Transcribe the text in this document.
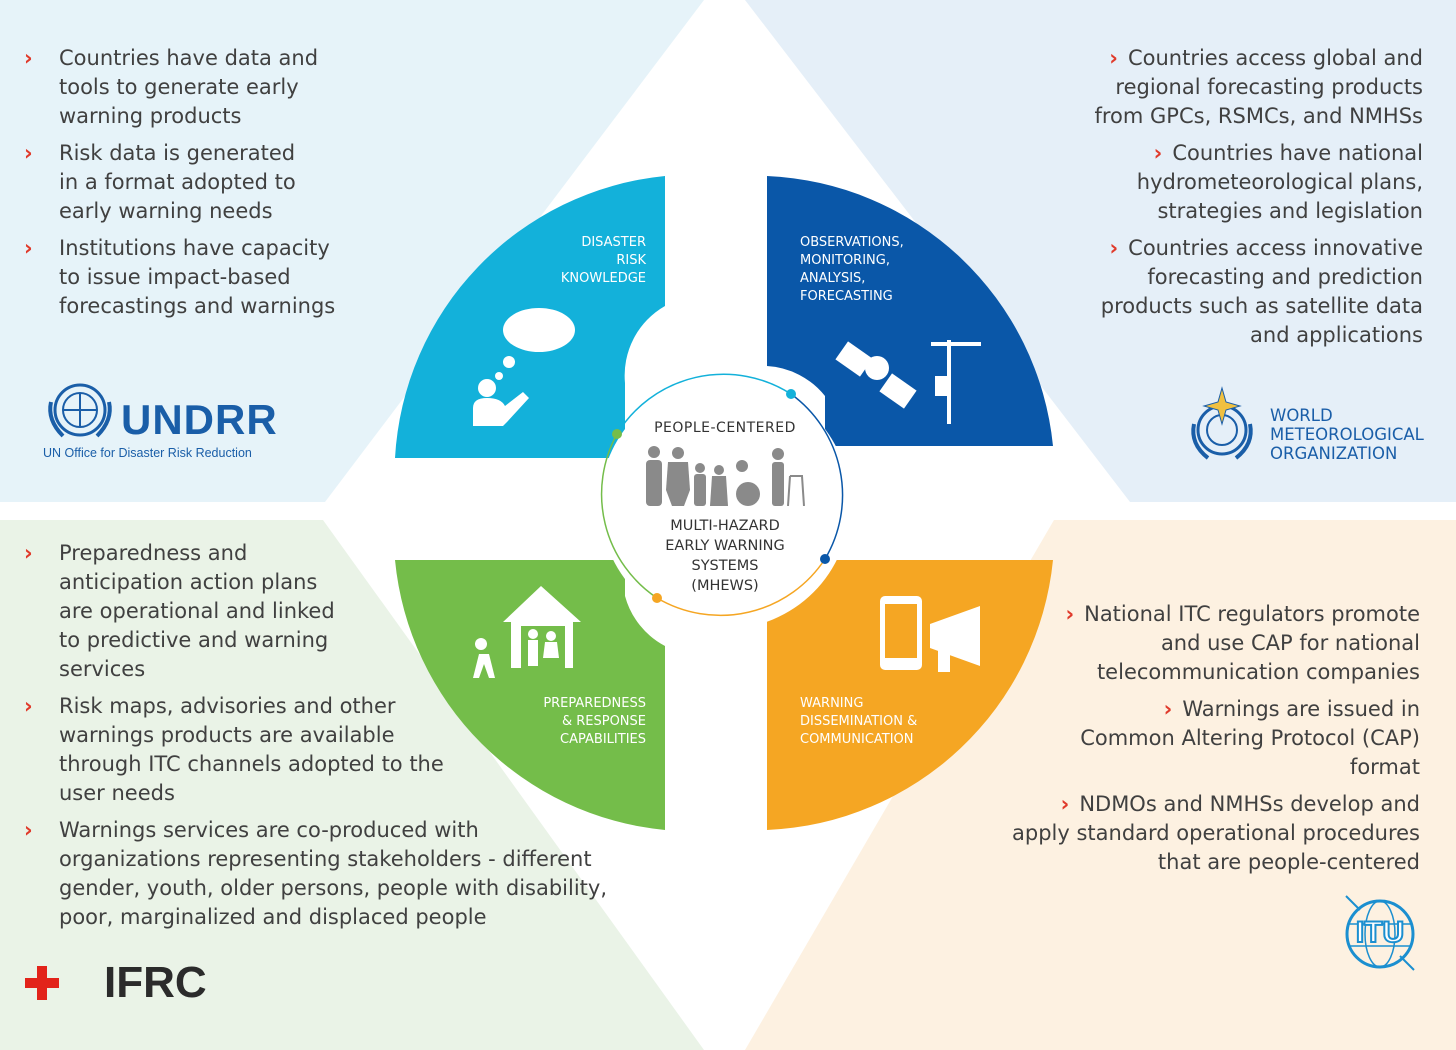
› Countries have data and tools to generate early warning products
› Risk data is generated in a format adopted to early warning needs
› Institutions have capacity to issue impact-based forecastings and warnings
UNDRR
UN Office for Disaster Risk Reduction
› Countries access global and regional forecasting products from GPCs, RSMCs, and NMHSs
› Countries have national hydrometeorological plans, strategies and legislation
› Countries access innovative forecasting and prediction products such as satellite data and applications
WORLD
METEOROLOGICAL
ORGANIZATION
› Preparedness and anticipation action plans are operational and linked to predictive and warning services
› Risk maps, advisories and other warnings products are available through ITC channels adopted to the user needs
› Warnings services are co-produced with organizations representing stakeholders - different gender, youth, older persons, people with disability, poor, marginalized and displaced people
IFRC
› National ITC regulators promote and use CAP for national telecommunication companies
› Warnings are issued in Common Altering Protocol (CAP) format
› NDMOs and NMHSs develop and apply standard operational procedures that are people-centered
ITU
DISASTER
RISK
KNOWLEDGE
OBSERVATIONS,
MONITORING,
ANALYSIS,
FORECASTING
PREPAREDNESS
& RESPONSE
CAPABILITIES
WARNING
DISSEMINATION &
COMMUNICATION
PEOPLE-CENTERED
MULTI-HAZARD
EARLY WARNING
SYSTEMS
(MHEWS)
